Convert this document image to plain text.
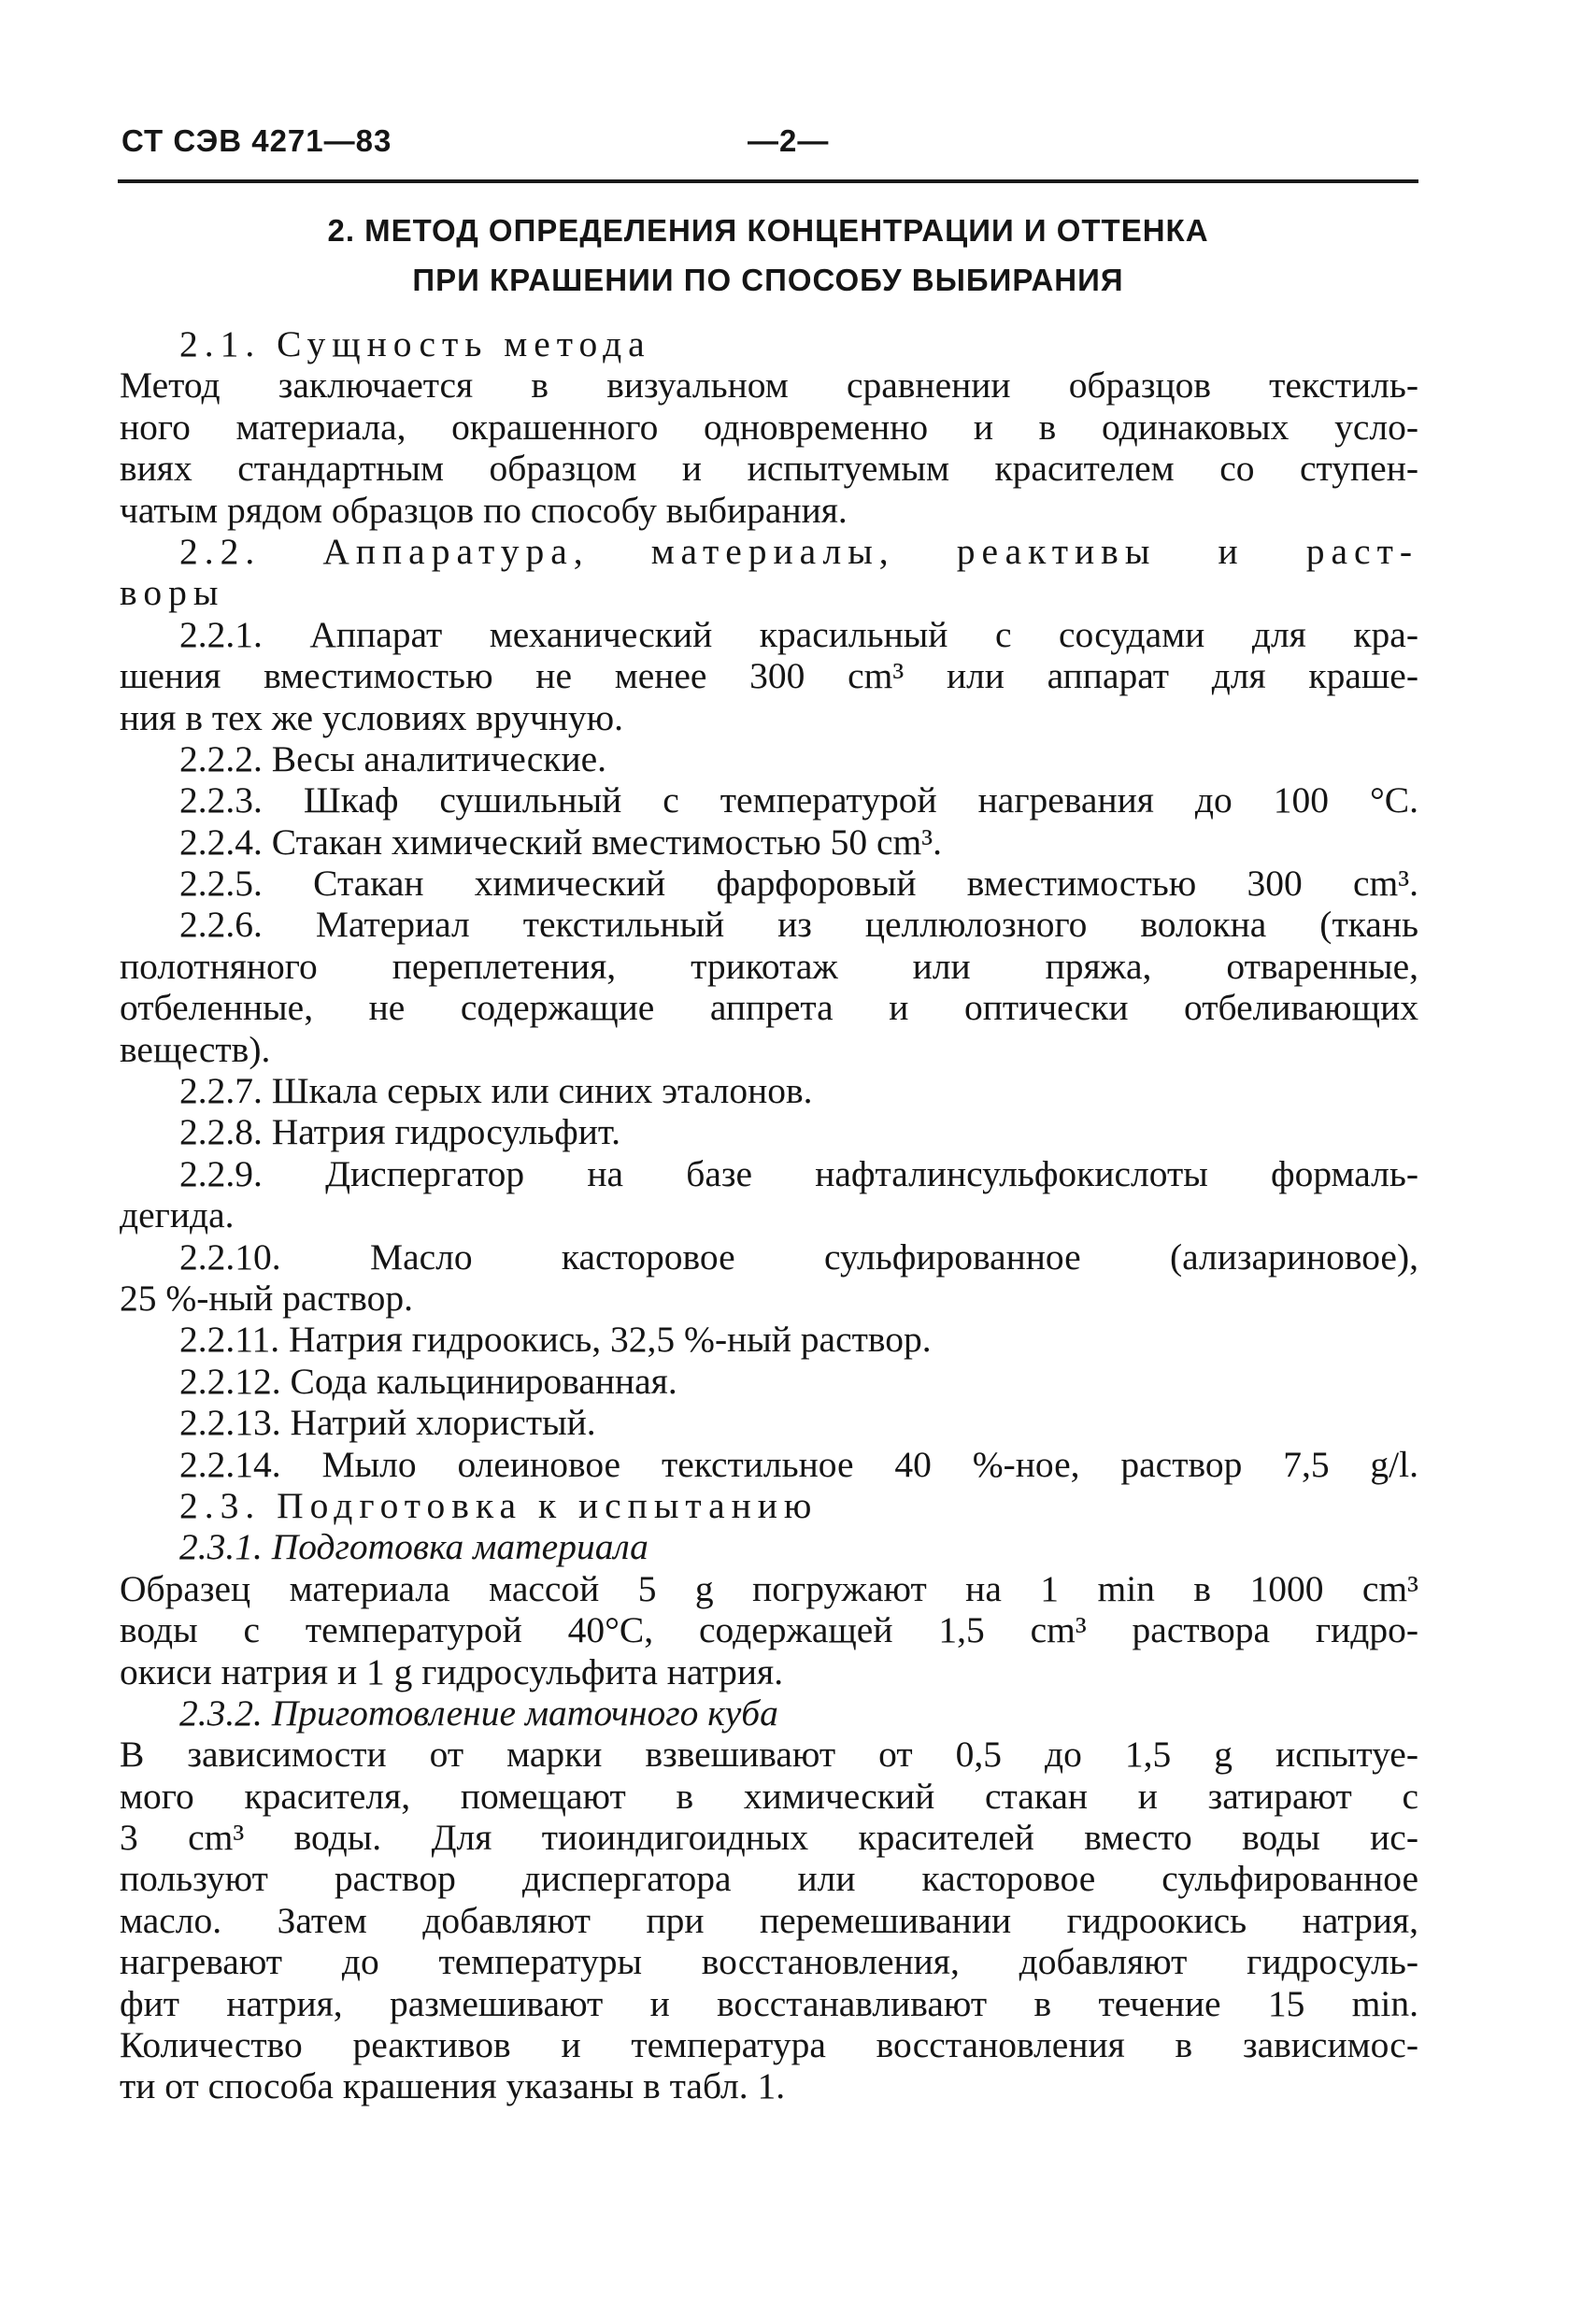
СТ СЭВ 4271—83	—2—
2. МЕТОД ОПРЕДЕЛЕНИЯ КОНЦЕНТРАЦИИ И ОТТЕНКА
ПРИ КРАШЕНИИ ПО СПОСОБУ ВЫБИРАНИЯ
2.1. Сущность метода
Метод заключается в визуальном сравнении образцов текстиль-
ного материала, окрашенного одновременно и в одинаковых усло-
виях стандартным образцом и испытуемым красителем со ступен-
чатым рядом образцов по способу выбирания.
2.2. Аппаратура, материалы, реактивы и раст-
воры
2.2.1. Аппарат механический красильный с сосудами для кра-
шения вместимостью не менее 300 cm³ или аппарат для краше-
ния в тех же условиях вручную.
2.2.2. Весы аналитические.
2.2.3. Шкаф сушильный с температурой нагревания до 100 °C.
2.2.4. Стакан химический вместимостью 50 cm³.
2.2.5. Стакан химический фарфоровый вместимостью 300 cm³.
2.2.6. Материал текстильный из целлюлозного волокна (ткань
полотняного переплетения, трикотаж или пряжа, отваренные,
отбеленные, не содержащие аппрета и оптически отбеливающих
веществ).
2.2.7. Шкала серых или синих эталонов.
2.2.8. Натрия гидросульфит.
2.2.9. Диспергатор на базе нафталинсульфокислоты формаль-
дегида.
2.2.10. Масло касторовое сульфированное (ализариновое),
25 %-ный раствор.
2.2.11. Натрия гидроокись, 32,5 %-ный раствор.
2.2.12. Сода кальцинированная.
2.2.13. Натрий хлористый.
2.2.14. Мыло олеиновое текстильное 40 %-ное, раствор 7,5 g/l.
2.3. Подготовка к испытанию
2.3.1. Подготовка материала
Образец материала массой 5 g погружают на 1 min в 1000 cm³
воды с температурой 40°C, содержащей 1,5 cm³ раствора гидро-
окиси натрия и 1 g гидросульфита натрия.
2.3.2. Приготовление маточного куба
В зависимости от марки взвешивают от 0,5 до 1,5 g испытуе-
мого красителя, помещают в химический стакан и затирают с
3 cm³ воды. Для тиоиндигоидных красителей вместо воды ис-
пользуют раствор диспергатора или касторовое сульфированное
масло. Затем добавляют при перемешивании гидроокись натрия,
нагревают до температуры восстановления, добавляют гидросуль-
фит натрия, размешивают и восстанавливают в течение 15 min.
Количество реактивов и температура восстановления в зависимос-
ти от способа крашения указаны в табл. 1.
